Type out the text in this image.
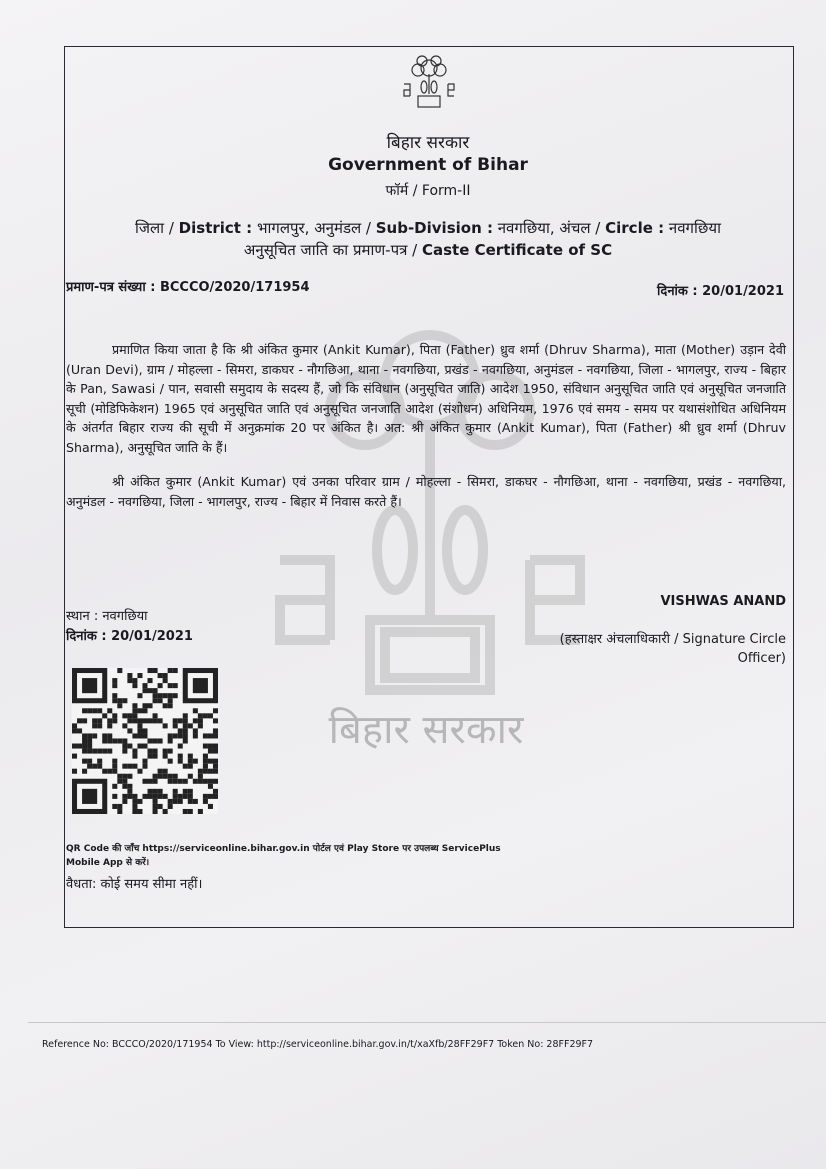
बिहार सरकार
बिहार सरकार
Government of Bihar
फॉर्म / Form-II
जिला / District : भागलपुर, अनुमंडल / Sub-Division : नवगछिया, अंचल / Circle : नवगछिया
अनुसूचित जाति का प्रमाण-पत्र / Caste Certificate of SC
प्रमाण-पत्र संख्या : BCCCO/2020/171954	दिनांक : 20/01/2021
प्रमाणित किया जाता है कि श्री अंकित कुमार (Ankit Kumar), पिता (Father) ध्रुव शर्मा (Dhruv Sharma), माता (Mother) उड़ान देवी (Uran Devi), ग्राम / मोहल्ला - सिमरा, डाकघर - नौगछिआ, थाना - नवगछिया, प्रखंड - नवगछिया, अनुमंडल - नवगछिया, जिला - भागलपुर, राज्य - बिहार के Pan, Sawasi / पान, सवासी समुदाय के सदस्य हैं, जो कि संविधान (अनुसूचित जाति) आदेश 1950, संविधान अनुसूचित जाति एवं अनुसूचित जनजाति सूची (मोडिफिकेशन) 1965 एवं अनुसूचित जाति एवं अनुसूचित जनजाति आदेश (संशोधन) अधिनियम, 1976 एवं समय - समय पर यथासंशोधित अधिनियम के अंतर्गत बिहार राज्य की सूची में अनुक्रमांक 20 पर अंकित है। अत: श्री अंकित कुमार (Ankit Kumar), पिता (Father) श्री ध्रुव शर्मा (Dhruv Sharma), अनुसूचित जाति के हैं।
श्री अंकित कुमार (Ankit Kumar) एवं उनका परिवार ग्राम / मोहल्ला - सिमरा, डाकघर - नौगछिआ, थाना - नवगछिया, प्रखंड - नवगछिया, अनुमंडल - नवगछिया, जिला - भागलपुर, राज्य - बिहार में निवास करते हैं।
स्थान : नवगछिया
दिनांक : 20/01/2021
VISHWAS ANAND
(हस्ताक्षर अंचलाधिकारी / Signature Circle Officer)
QR Code की जाँच https://serviceonline.bihar.gov.in पोर्टल एवं Play Store पर उपलब्ध ServicePlus Mobile App से करें।
वैधता: कोई समय सीमा नहीं।
Reference No: BCCCO/2020/171954 To View: http://serviceonline.bihar.gov.in/t/xaXfb/28FF29F7 Token No: 28FF29F7
